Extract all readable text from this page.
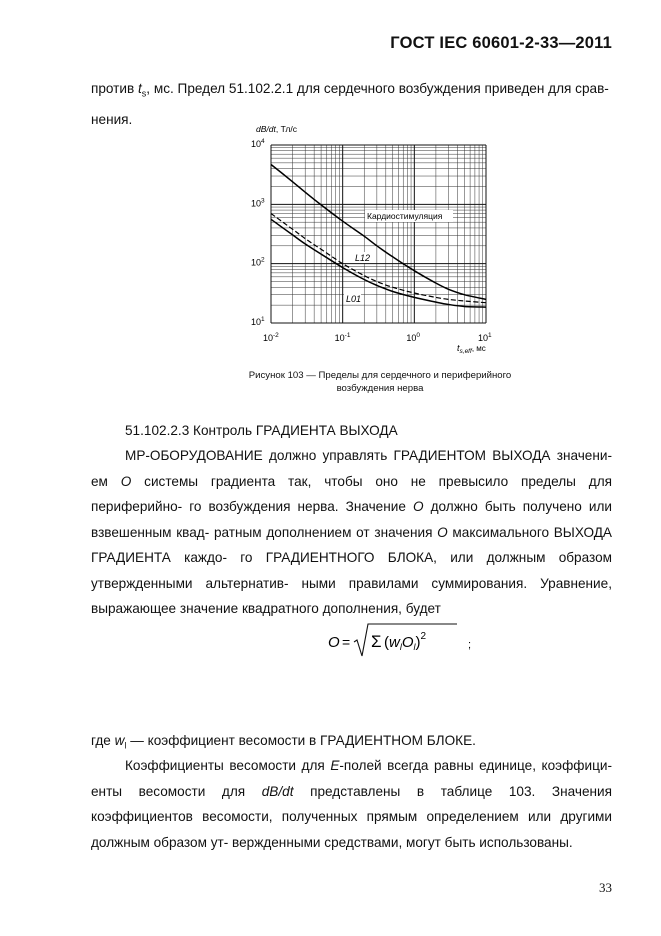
ГОСТ IEC 60601-2-33—2011

против $t_s$, мс. Предел 51.102.2.1 для сердечного возбуждения приведен для срав-
нения.

dB/dt, Тл/с
$10^{-2}$	$10^{-1}$	$10^0$	$10^1$
$10^1$
$10^2$
$10^3$
$10^4$
Кардиостимуляция
L12
L01
$t_{s,eff}$, мс
Рисунок 103 — Пределы для сердечного и периферийного
возбуждения нерва

51.102.2.3 Контроль ГРАДИЕНТА ВЫХОДА

МР-ОБОРУДОВАНИЕ должно управлять ГРАДИЕНТОМ ВЫХОДА значени- ем O системы градиента так, чтобы оно не превысило пределы для периферийно- го возбуждения нерва. Значение O должно быть получено или взвешенным квад- ратным дополнением от значения O максимального ВЫХОДА ГРАДИЕНТА каждо- го ГРАДИЕНТНОГО БЛОКА, или должным образом утвержденными альтернатив- ными правилами суммирования. Уравнение, выражающее значение квадратного дополнения, будет

O = Σ $(w_lO_l)^2$
;

где $w_l$ — коэффициент весомости в ГРАДИЕНТНОМ БЛОКЕ.

Коэффициенты весомости для Е-полей всегда равны единице, коэффици- енты весомости для dB/dt представлены в таблице 103. Значения коэффициентов весомости, полученных прямым определением или другими должным образом ут- вержденными средствами, могут быть использованы.

33
